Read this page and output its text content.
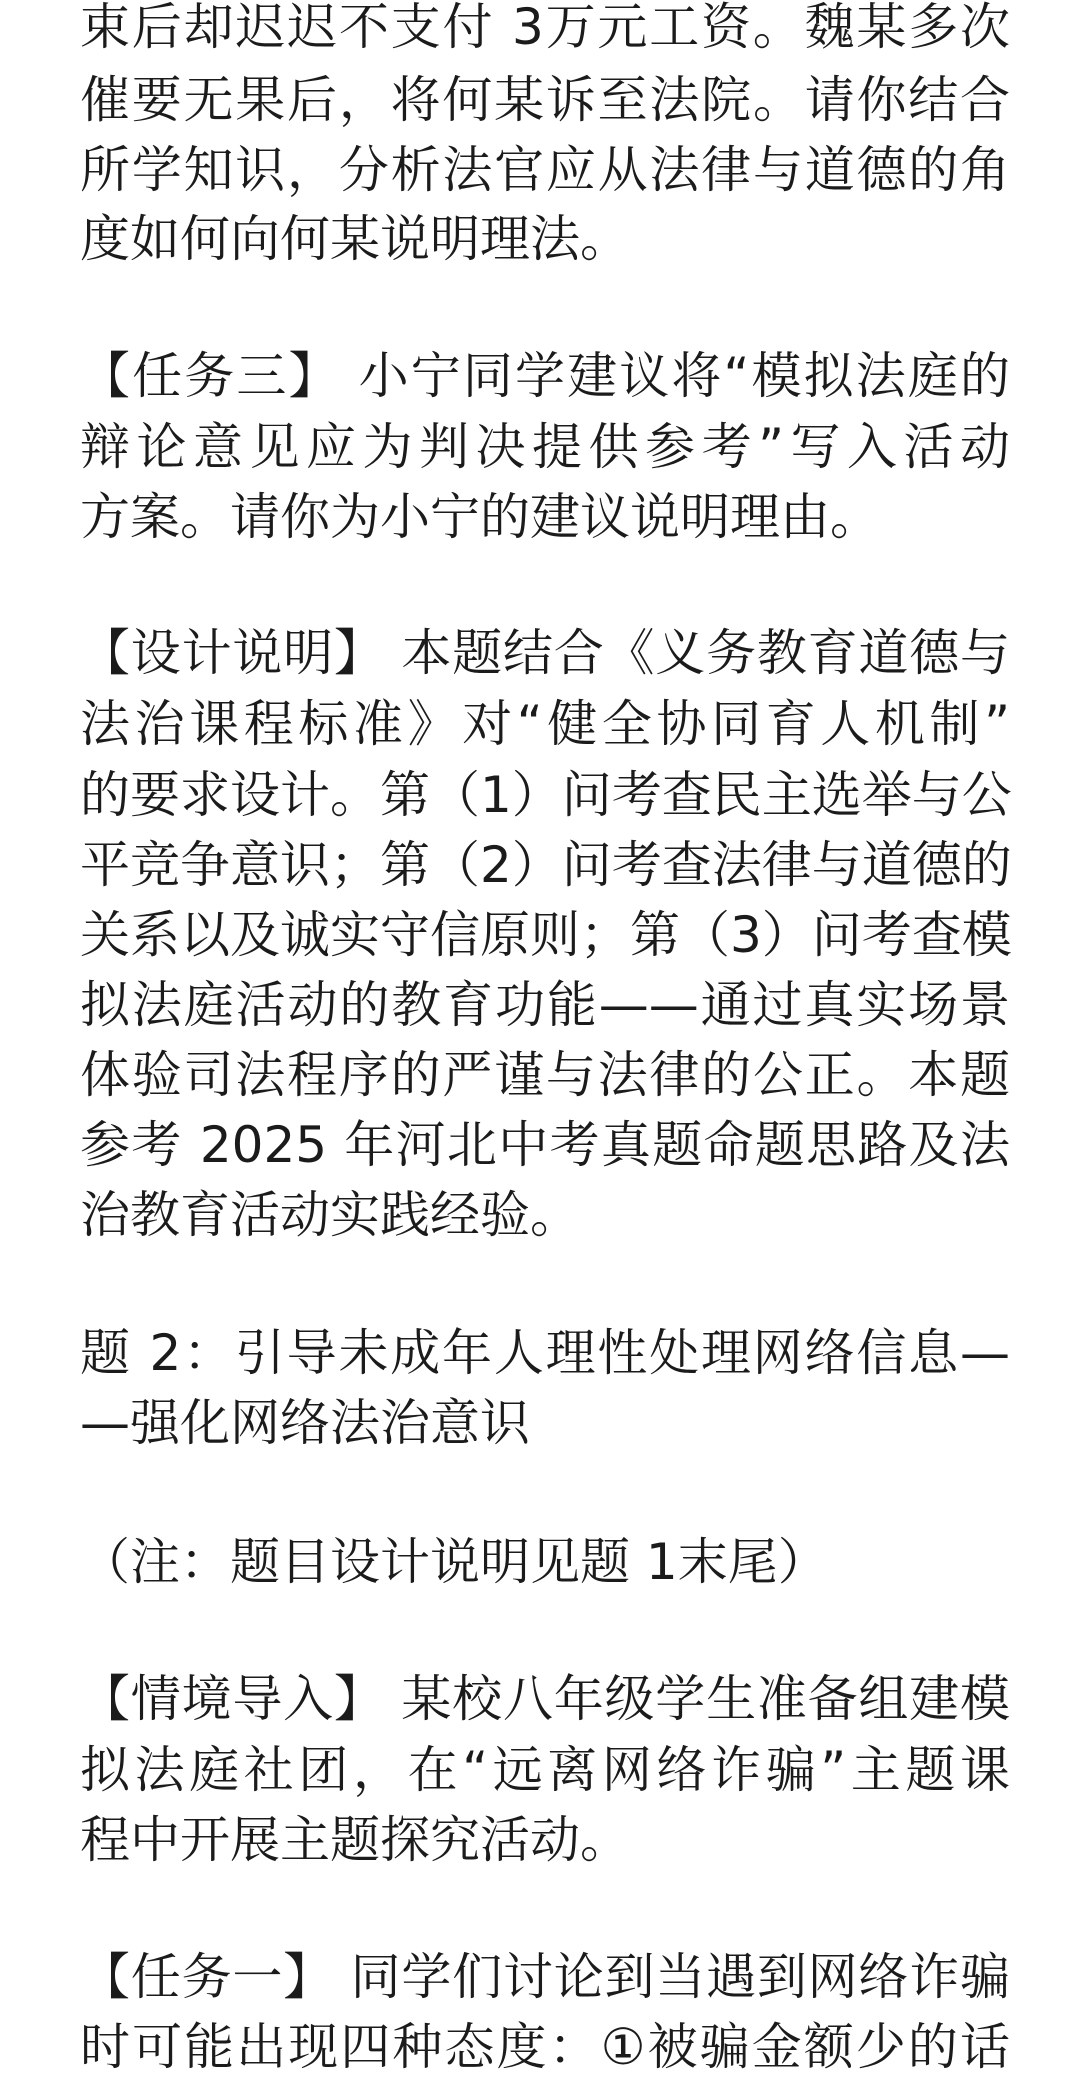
束后却迟迟不支付 3万元工资。魏某多次
催要无果后，将何某诉至法院。请你结合
所学知识，分析法官应从法律与道德的角
度如何向何某说明理法。
【任务三】 小宁同学建议将“模拟法庭的
辩论意见应为判决提供参考”写入活动
方案。请你为小宁的建议说明理由。
【设计说明】 本题结合《义务教育道德与
法治课程标准》对“健全协同育人机制”
的要求设计。第（1）问考查民主选举与公
平竞争意识；第（2）问考查法律与道德的
关系以及诚实守信原则；第（3）问考查模
拟法庭活动的教育功能——通过真实场景
体验司法程序的严谨与法律的公正。本题
参考 2025 年河北中考真题命题思路及法
治教育活动实践经验。
题 2：引导未成年人理性处理网络信息—
—强化网络法治意识
（注：题目设计说明见题 1末尾）
【情境导入】 某校八年级学生准备组建模
拟法庭社团，在“远离网络诈骗”主题课
程中开展主题探究活动。
【任务一】 同学们讨论到当遇到网络诈骗
时可能出现四种态度：①被骗金额少的话
